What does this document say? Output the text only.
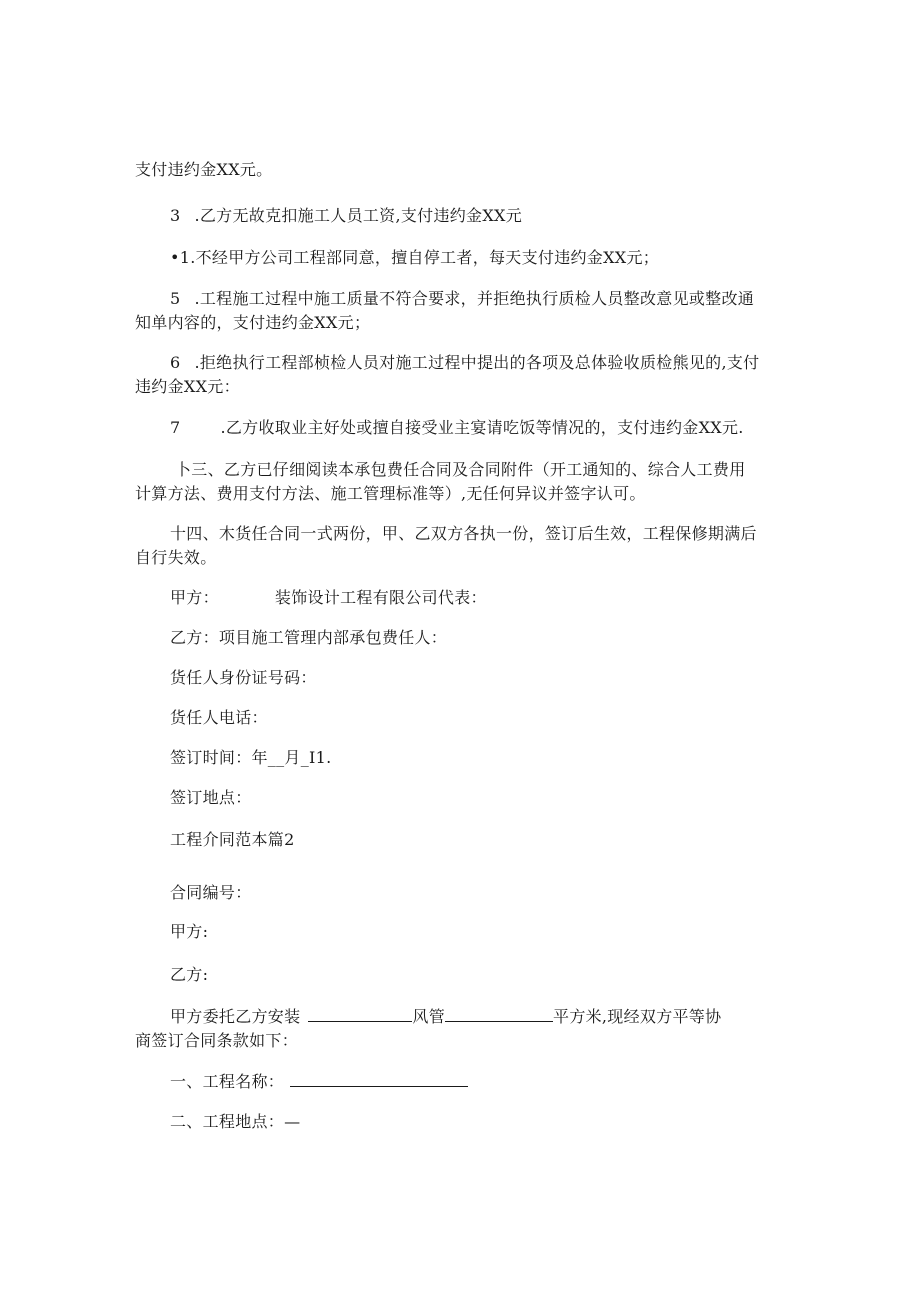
支付违约金XX元。
3 .乙方无故克扣施工人员工资,支付违约金XX元
•1.不经甲方公司工程部同意，擅自停工者，每天支付违约金XX元；
5 .工程施工过程中施工质量不符合要求，并拒绝执行质检人员整改意见或整改通
知单内容的，支付违约金XX元；
6 .拒绝执行工程部桢检人员对施工过程中提出的各项及总体验收质检熊见的,支付
违约金XX元：
7	.乙方收取业主好处或擅自接受业主宴请吃饭等情况的，支付违约金XX元.
卜三、乙方已仔细阅读本承包费任合同及合同附件（开工通知的、综合人工费用
计算方法、费用支付方法、施工管理标准等）,无任何异议并签字认可。
十四、木货任合同一式两份，甲、乙双方各执一份，签订后生效，工程保修期满后
自行失效。
甲方：	装饰设计工程有限公司代表：
乙方：项目施工管理内部承包费任人：
货任人身份证号码：
货任人电话：
签订时间：年__月_I1.
签订地点：
工程介同范本篇2
合同编号：
甲方:
乙方:
甲方委托乙方安装	风管	平方米,现经双方平等协
商签订合同条款如下：
一、工程名称：
二、工程地点：—
